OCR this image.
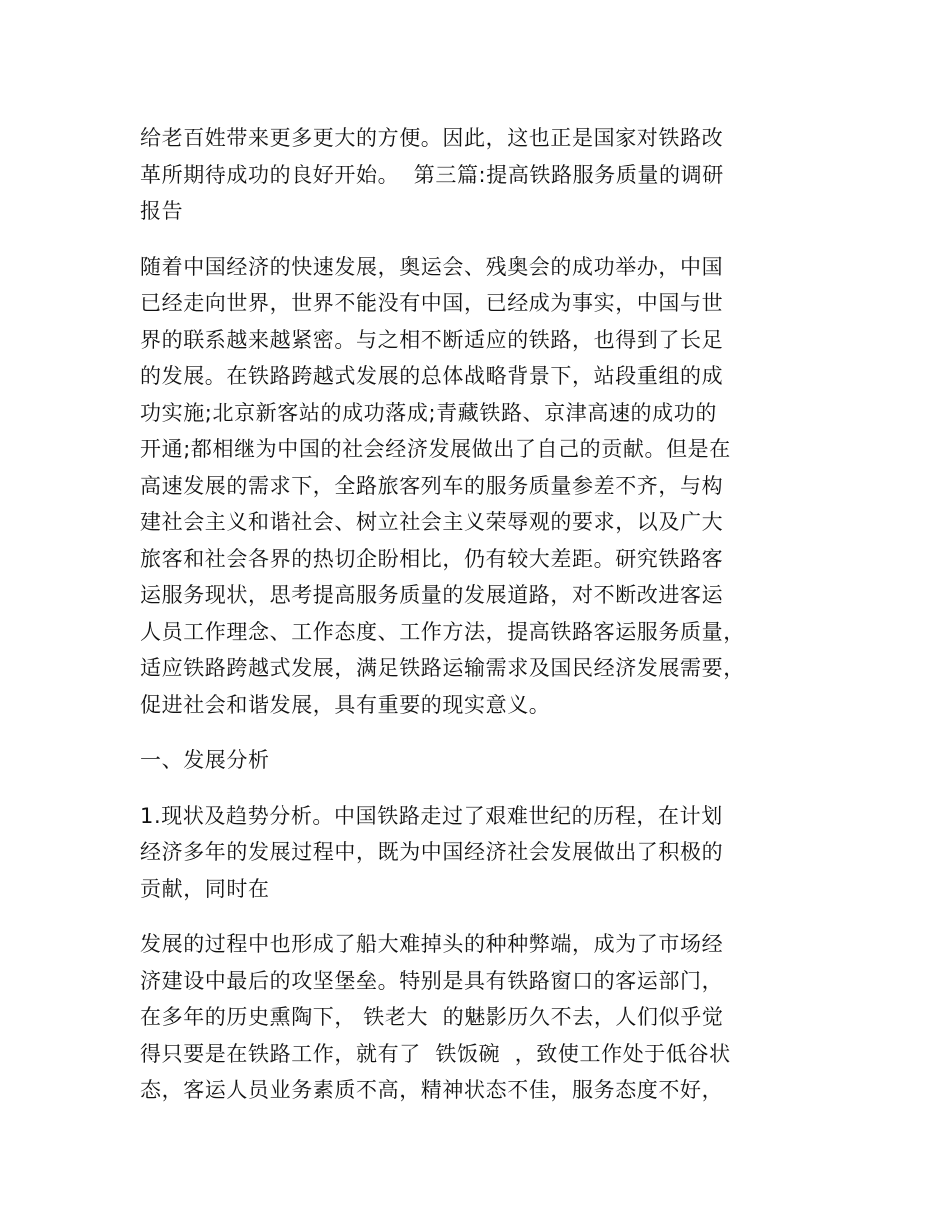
给老百姓带来更多更大的方便。因此，这也正是国家对铁路改
革所期待成功的良好开始。  第三篇:提高铁路服务质量的调研
报告

随着中国经济的快速发展，奥运会、残奥会的成功举办，中国
已经走向世界，世界不能没有中国，已经成为事实，中国与世
界的联系越来越紧密。与之相不断适应的铁路，也得到了长足
的发展。在铁路跨越式发展的总体战略背景下，站段重组的成
功实施;北京新客站的成功落成;青藏铁路、京津高速的成功的
开通;都相继为中国的社会经济发展做出了自己的贡献。但是在
高速发展的需求下，全路旅客列车的服务质量参差不齐，与构
建社会主义和谐社会、树立社会主义荣辱观的要求，以及广大
旅客和社会各界的热切企盼相比，仍有较大差距。研究铁路客
运服务现状，思考提高服务质量的发展道路，对不断改进客运
人员工作理念、工作态度、工作方法，提高铁路客运服务质量，
适应铁路跨越式发展，满足铁路运输需求及国民经济发展需要，
促进社会和谐发展，具有重要的现实意义。

一、发展分析

1.现状及趋势分析。中国铁路走过了艰难世纪的历程，在计划
经济多年的发展过程中，既为中国经济社会发展做出了积极的
贡献，同时在

发展的过程中也形成了船大难掉头的种种弊端，成为了市场经
济建设中最后的攻坚堡垒。特别是具有铁路窗口的客运部门，
在多年的历史熏陶下， 铁老大  的魅影历久不去，人们似乎觉
得只要是在铁路工作，就有了  铁饭碗  ，致使工作处于低谷状
态，客运人员业务素质不高，精神状态不佳，服务态度不好，
